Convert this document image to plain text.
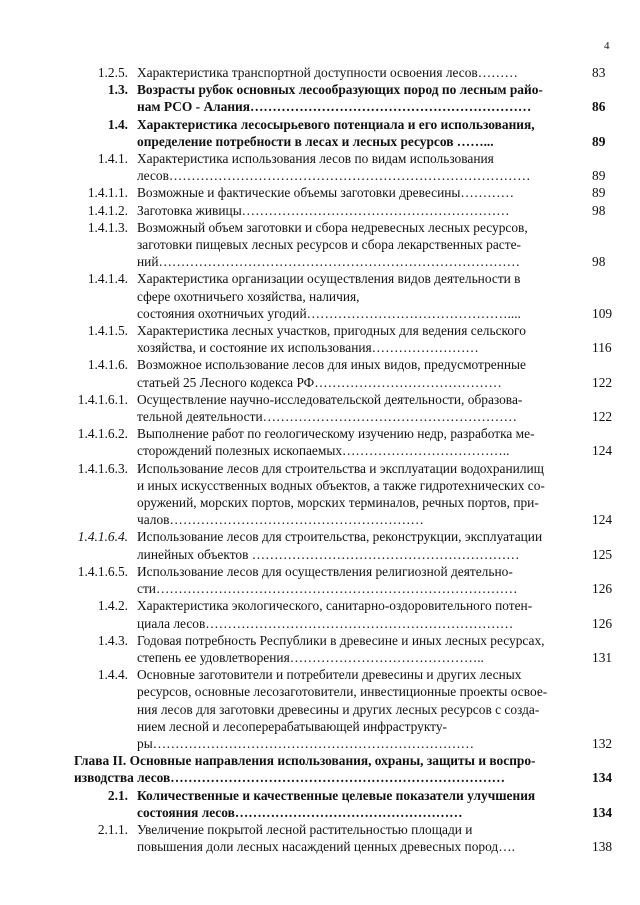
4
1.2.5. Характеристика транспортной доступности освоения лесов………	83
1.3. Возрасты рубок основных лесообразующих пород по лесным райо-
нам РСО - Алания………………………………………………………	86
1.4. Характеристика лесосырьевого потенциала и его использования,
определение потребности в лесах и лесных ресурсов ……...	89
1.4.1. Характеристика использования лесов по видам использования
лесов………………………………………………………………………	89
1.4.1.1. Возможные и фактические объемы заготовки древесины…………	89
1.4.1.2. Заготовка живицы……………………………………………………	98
1.4.1.3. Возможный объем заготовки и сбора недревесных лесных ресурсов,
заготовки пищевых лесных ресурсов и сбора лекарственных расте-
ний………………………………………………………………………	98
1.4.1.4. Характеристика организации осуществления видов деятельности в
сфере охотничьего хозяйства, наличия,
состояния охотничьих угодий………………………………………....	109
1.4.1.5. Характеристика лесных участков, пригодных для ведения сельского
хозяйства, и состояние их использования……………………	116
1.4.1.6. Возможное использование лесов для иных видов, предусмотренные
статьей 25 Лесного кодекса РФ……………………………………	122
1.4.1.6.1. Осуществление научно-исследовательской деятельности, образова-
тельной деятельности…………………………………………………	122
1.4.1.6.2. Выполнение работ по геологическому изучению недр, разработка ме-
сторождений полезных ископаемых………………………………..	124
1.4.1.6.3. Использование лесов для строительства и эксплуатации водохранилищ
и иных искусственных водных объектов, а также гидротехнических со-
оружений, морских портов, морских терминалов, речных портов, при-
чалов…………………………………………………	124
1.4.1.6.4. Использование лесов для строительства, реконструкции, эксплуатации
линейных объектов ……………………………………………………	125
1.4.1.6.5. Использование лесов для осуществления религиозной деятельно-
сти………………………………………………………………………	126
1.4.2. Характеристика экологического, санитарно-оздоровительного потен-
циала лесов……………………………………………………………	126
1.4.3. Годовая потребность Республики в древесине и иных лесных ресурсах,
степень ее удовлетворения……………………………………..	131
1.4.4. Основные заготовители и потребители древесины и других лесных
ресурсов, основные лесозаготовители, инвестиционные проекты освое-
ния лесов для заготовки древесины и других лесных ресурсов с созда-
нием лесной и лесоперерабатывающей инфраструкту-
ры………………………………………………………………	132
Глава II. Основные направления использования, охраны, защиты и воспро-
изводства лесов…………………………………………………………………	134
2.1. Количественные и качественные целевые показатели улучшения
состояния лесов……………………………………………	134
2.1.1. Увеличение покрытой лесной растительностью площади и
повышения доли лесных насаждений ценных древесных пород….	138
